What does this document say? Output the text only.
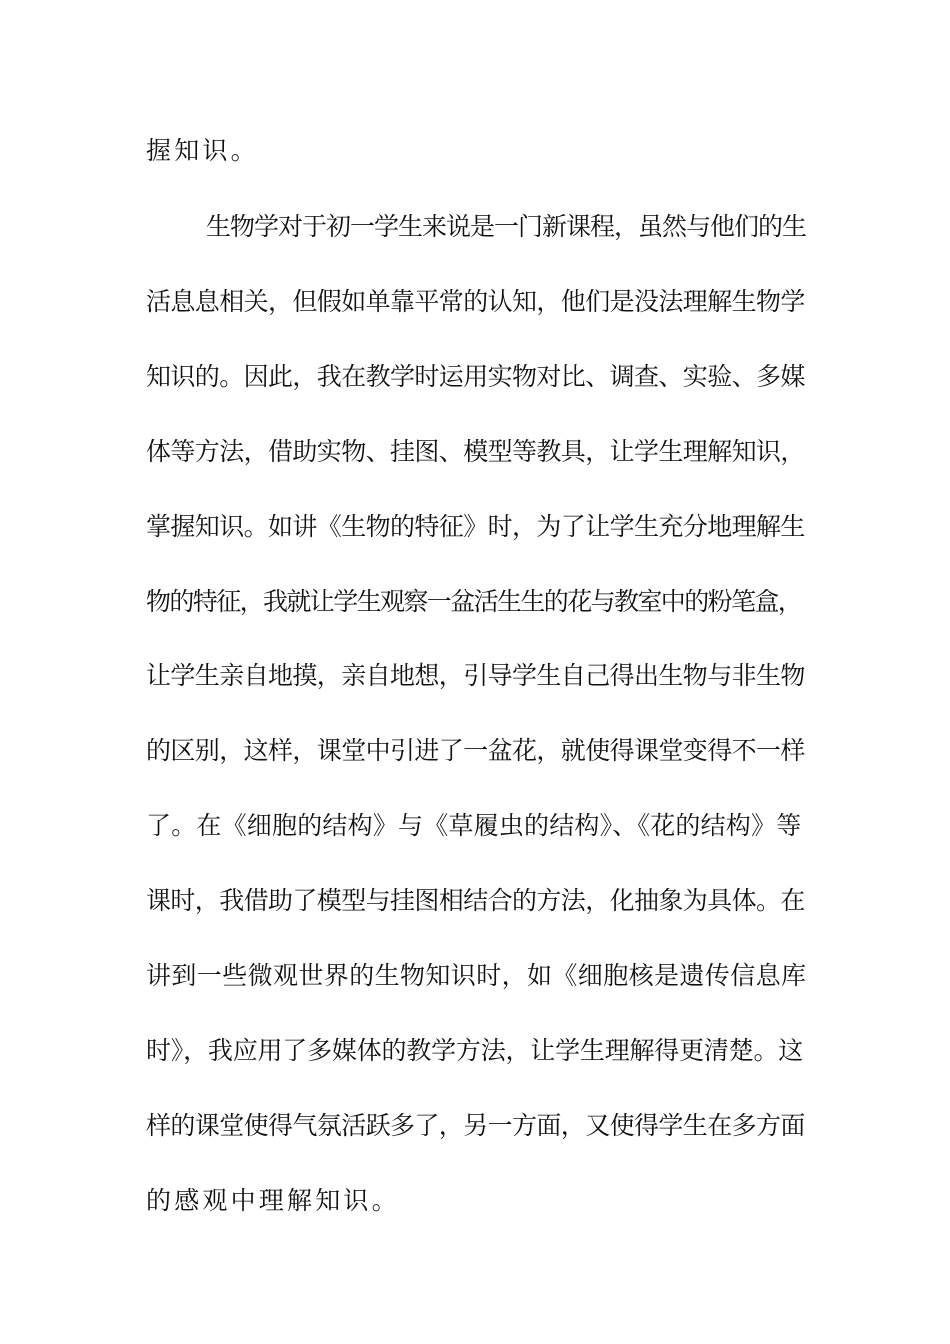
握知识。
生物学对于初一学生来说是一门新课程，虽然与他们的生
活息息相关，但假如单靠平常的认知，他们是没法理解生物学
知识的。因此，我在教学时运用实物对比、调查、实验、多媒
体等方法，借助实物、挂图、模型等教具，让学生理解知识，
掌握知识。如讲《生物的特征》时，为了让学生充分地理解生
物的特征，我就让学生观察一盆活生生的花与教室中的粉笔盒，
让学生亲自地摸，亲自地想，引导学生自己得出生物与非生物
的区别，这样，课堂中引进了一盆花，就使得课堂变得不一样
了。在《细胞的结构》与《草履虫的结构》、《花的结构》等
课时，我借助了模型与挂图相结合的方法，化抽象为具体。在
讲到一些微观世界的生物知识时，如《细胞核是遗传信息库
时》，我应用了多媒体的教学方法，让学生理解得更清楚。这
样的课堂使得气氛活跃多了，另一方面，又使得学生在多方面
的感观中理解知识。
